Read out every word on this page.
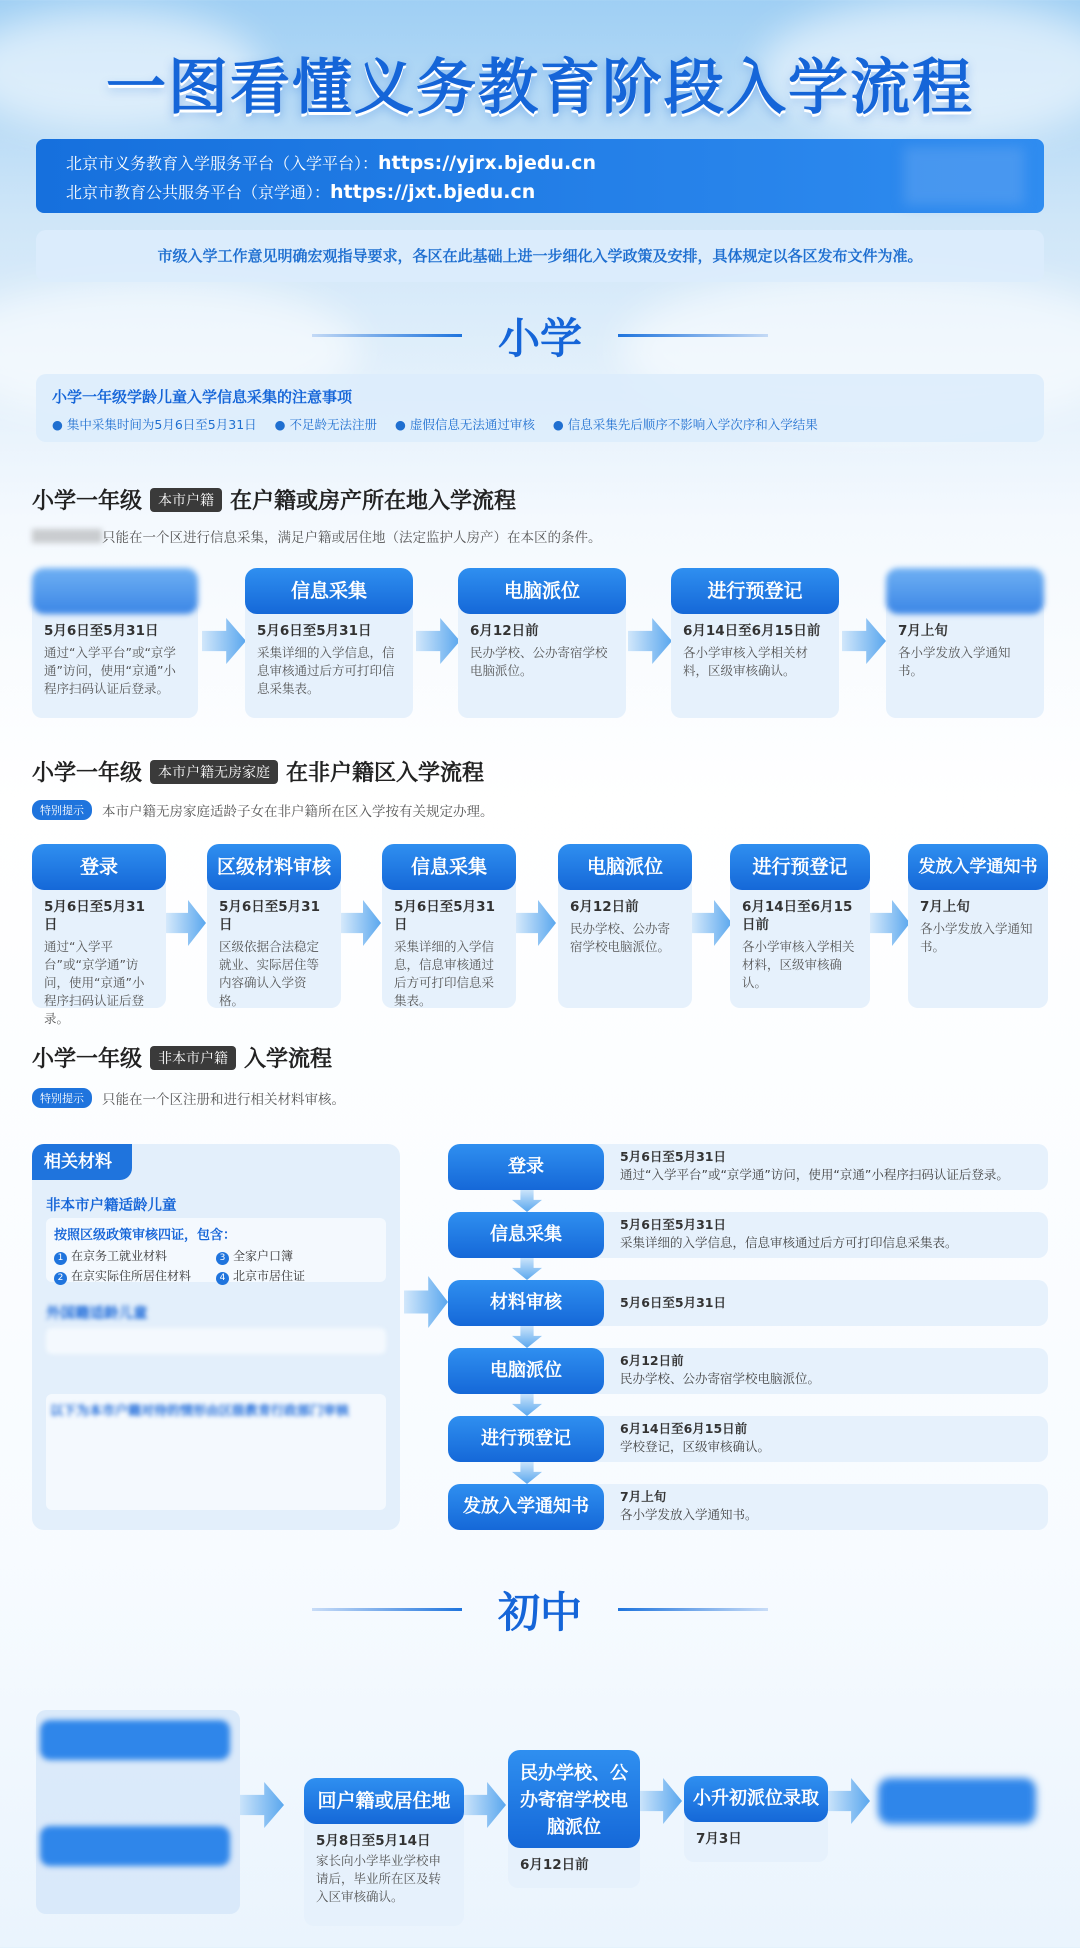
一图看懂义务教育阶段入学流程
北京市义务教育入学服务平台（入学平台）：https://yjrx.bjedu.cn
北京市教育公共服务平台（京学通）：https://jxt.bjedu.cn
市级入学工作意见明确宏观指导要求，各区在此基础上进一步细化入学政策及安排，具体规定以各区发布文件为准。
小学
小学一年级学龄儿童入学信息采集的注意事项
● 集中采集时间为5月6日至5月31日 ● 不足龄无法注册 ● 虚假信息无法通过审核 ● 信息采集先后顺序不影响入学次序和入学结果
小学一年级	本市户籍 在户籍或房产所在地入学流程
只能在一个区进行信息采集，满足户籍或居住地（法定监护人房产）在本区的条件。
5月6日至5月31日
通过“入学平台”或“京学通”访问，使用“京通”小程序扫码认证后登录。
信息采集
5月6日至5月31日
采集详细的入学信息，信息审核通过后方可打印信息采集表。
电脑派位
6月12日前
民办学校、公办寄宿学校电脑派位。
进行预登记
6月14日至6月15日前
各小学审核入学相关材料，区级审核确认。
7月上旬
各小学发放入学通知书。
小学一年级	本市户籍无房家庭 在非户籍区入学流程
特别提示	本市户籍无房家庭适龄子女在非户籍所在区入学按有关规定办理。
登录
5月6日至5月31日
通过“入学平台”或“京学通”访问，使用“京通”小程序扫码认证后登录。
区级材料审核
5月6日至5月31日
区级依据合法稳定就业、实际居住等内容确认入学资格。
信息采集
5月6日至5月31日
采集详细的入学信息，信息审核通过后方可打印信息采集表。
电脑派位
6月12日前
民办学校、公办寄宿学校电脑派位。
进行预登记
6月14日至6月15日前
各小学审核入学相关材料，区级审核确认。
发放入学通知书
7月上旬
各小学发放入学通知书。
小学一年级	非本市户籍 入学流程
特别提示	只能在一个区注册和进行相关材料审核。
相关材料
非本市户籍适龄儿童
按照区级政策审核四证，包含：
1 在京务工就业材料	3 全家户口簿
2 在京实际住所居住材料	4 北京市居住证
外国籍适龄儿童
以下为本市户籍对待的情形由区级教育行政部门审核
登录	5月6日至5月31日
通过“入学平台”或“京学通”访问，使用“京通”小程序扫码认证后登录。
信息采集	5月6日至5月31日
采集详细的入学信息，信息审核通过后方可打印信息采集表。
材料审核	5月6日至5月31日
电脑派位	6月12日前
民办学校、公办寄宿学校电脑派位。
进行预登记	6月14日至6月15日前
学校登记，区级审核确认。
发放入学通知书	7月上旬
各小学发放入学通知书。
初中
回户籍或居住地
5月8日至5月14日
家长向小学毕业学校申请后，毕业所在区及转入区审核确认。
民办学校、公办寄宿学校电脑派位
6月12日前
小升初派位录取
7月3日
